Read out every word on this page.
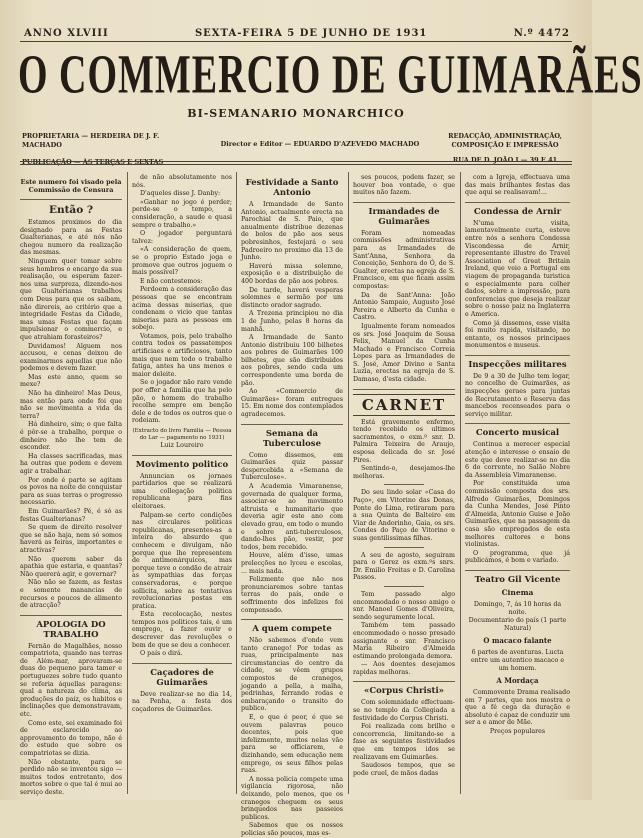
ANNO XLVIII	SEXTA-FEIRA 5 DE JUNHO DE 1931	N.º 4472
O COMMERCIO DE GUIMARÃES
BI-SEMANARIO MONARCHICO
PROPRIETARIA — HERDEIRA DE J. F. MACHADO
PUBLICAÇÃO — ÀS TERÇAS E SEXTAS
Director e Editor — EDUARDO D'AZEVEDO MACHADO
REDACÇÃO, ADMINISTRAÇÃO, COMPOSIÇÃO E IMPRESSÃO
RUA DE D. JOÃO I — 39 E 41
Este numero foi visado pela Commissão de Censura
Então ?

Estamos proximos do dia designado para as Festas Gualterianas, e até nós não chegou numero da realização das mesmas.

Ninguem quer tomar sobre seus hombros o encargo da sua realisação, ou esperam fazer-nos uma surpreza, dizendo-nos que Gualterianas trabalhos com Deus para que os saibam, não direreis, ao critério que a integridade Festas da Cidade, mas umas Festas que façam impulsionar o commercio, e que atrahiam forasteiros?

Duvidamos! Alguem nos accusou, e cenas deixou de examinarmos aquellas que não podemos e devem fazer.

Mas este anno, quem se mexe?

Não ha dinheiro! Mas Deus, mas então para onde foi que não se movimenta a vida da terra?

Há dinheiro, sim; o que falta é pôr-se a trabalho, porque o dinheiro não lhe tem de esconder.

Ha classes sacrificadas, mas ha outras que podem e devem agir a trabalhar.

Por onde é parte se agitam os povos na noite de conquistar para as suas terras o progresso necessario.

Em Guimarães? Pé, é só as festas Gualterianas?

Se quem de direito resolver que se não haja, nem só somos haverá as feiras, importantes e atractivas?

Não querem saber da apathia que estaria, e quantas? Não quererá agir, e governar?

Não não se fazem, as festas e somente manancias de recursos e poucos de alimento de atracção?

APOLOGIA DO TRABALHO

Fernão de Magalhães, nosso compatriota, quando nas terras de Além-mar, aprovaram-se duas do pequeno para tamer e portuguezes sobre tudo quanto se referia áquellas paragens: qual a natureza do clima, as produções do paiz, os habitos e inclinações que demonstravam, etc.

Como este, sei examinado foi de esclarecido ao approvamento do tempo, não é do estudo que sobre os compatriotas se dizia.

Não obstante, para se perdido não se inventou sigo — muitos todos entretanto, dos mortos sobre o que tal é mui ao serviço deste.

de não absolutamente nos nós.

D'aqueles disse J. Danby:

«Ganhar no jogo é perder; perde-se o tempo, a consideração, a saude e quasi sempre o trabalho.»

O jogador perguntará talvez:

«A consideração de quem, se o proprio Estado joga e promove que outros joguem o mais possivel?

E não contestemos:

Perdoem a consideração das pessoas que se encontram acima dessas miserias, que condenam o vicio que tantas miserias para as pessoas em sobejo.

Votamos, pois, pelo trabalho contra todos os passatempos artificiaes e artificiosos, tanto mais que nem todo o trabalho fatiga, antes ha uns menos e maior deleite.

Se o jogador não raro vende por offer a familia que ha pelo pão, o homem do trabalho recolhe sempre em benção dele e de todos os outros que o rodeiam.

(Extracto do livro Familia — Pessoa do Lar — pagamento no 1931)

Luiz Loureiro

Movimento politico

Annuncian os jornaes partidarios que se realizará uma collegação politica republicana para fins eleitoraes.

Palpam-se certo condições nas circulares politicas republicanas, presentes-as a inteira do absurdo que conhecem e divulgam, não porque que lhe representem de antimonárquicos, mas porque teve o condão de atrair as sympathias das forças conservadoras, e porque sollicita, sobre as tentativas revolucionarias postas em pratica.

Esta recolocação, nestes tempos nos politicos tais, é um emprego, a fazer ouvir e descrever das revoluções o bem de que se deu a conhecer.

O país o dirá.

Caçadores de Guimarães

Deve realizar-se no dia 14, na Penha, a festa dos caçadores de Guimarães.

Festividade a Santo Antonio

A Irmandade de Santo Antonio, actualmente erecta na Parochial de S. Paio, que anualmente distribue dezenas de bolos de pão aos seus pobresinhos, festejará o seu Padroeiro no proximo dia 13 de Junho.

Haverá missa solemne, exposição e a distribuição de 400 bordas de pão aos pobres.

De tarde, haverá vesperas solemnes e sermão por um distincto orador sagrado.

A Trezena principiou no dia 1 de Junho, pelas 8 horas da manhã.

A Irmandade de Santo Antonio distribuiu 100 bilhetes aos pobres de Guimarães 100 bilhetes, que são distribuidos aos pobres, sendo cada um correspondente uma borda de pão.

Ao «Commercio de Guimarães» foram entregues 15. Em nome dos contemplados agradecemos.

Semana da Tuberculose

Como dissemos, em Guimarães quiz passar despercebida a «Semana de Tuberculose».

A Academia Vimaranense, governada de qualquer forma, associar-se ao movimento altruista e humanitario que deveria agir este ano com elevado grau, em todo o mundo e sobre anti-tuberculosos, dando-lhes pão, vestir, por todos, bem recebido.

Houve, além d'isso, umas prelecções no lyceu e escolas, ... mais nada.

Felizmente que não nos pronunciaremos sobre tantas terras do país, onde o soffrimento dos infelizes foi compensado.

A quem compete

Não sabemos d'onde vem tanto cranego! Por todas as ruas, principalmente nas circumstancias do centro da cidade, se vêem grupos compostos de cranegos, jogando a pella, a malha, pedrinhas, ferrando rodas e embaraçando o transito do publico.

E, o que é peor, é que se ouvem palavras pouco decentes, pois que infelizmente, muitos nelas vão para se officiarem, e dizinhando, sem educação nem emprego, os seus filhos pelas ruas.

A nossa policia compete uma vigilancia rigorosa, não deixando, pelo menos, que os cranegos cheguem os seus brinquedos nas passeios publicos.

Sabemos que os nossos policias são poucos, mas es-

ses poucos, podem fazer, se houver boa vontade, o que muitos não fazem.

Irmandades de Guimarães

Foram nomeadas commissões administrativas para as Irmandades de Sant'Anna, Senhora da Conceição, Senhora do Ó, de S. Gualter, erectas na egreja de S. Francisco, em que ficam assim compostas:

Da de Sant'Anna: João Antonio Sampaio, Augusto José Pereira e Alberto da Cunha e Castro.

Igualmente foram nomeados os srs. José Joaquim de Sousa Felix, Manuel da Cunha Machado e Francisco Correia Lopes para as Irmandades de S. José, Amor Divino e Santa Luzia, erectas na egreja de S. Damaso, d'esta cidade.

CARNET

Está gravemente enfermo, tendo recebido os ultimos sacramentos, o exm.º snr. D. Palmira Teixeira de Araujo, esposa delicada do sr. José Pires.

Sentindo-o, desejamos-lhe melhoras.

Do seu lindo solar «Casa do Paço», em Vitorino das Donas, Ponte do Lima, retiraram para a sua Quinta de Balteiro em Viar de Andorinho, Gaia, os srs. Condes do Paço de Vitorino e suas gentilissimas filhas.

A seu de agosto, seguiram para o Gerez os exm.ºs snrs. Dr. Emilio Freitas e D. Carolina Passos.

Tem passado algo encommodado o nosso amigo o snr. Manoel Gomes d'Oliveira, sendo seguramente local.

Também tem passado encommodado o nosso presado assignante o snr. Francisco Maria Ribeiro d'Almeida estimando prolongada demora.

— Aos doentes desejamos rapidas melhoras.

«Corpus Christi»

Com solemnidade effectuam-se no templo da Collegiada a festividade do Corpus Christi.

Foi realizada com brilho e concorrencia, limitando-se a fase as seguintes festividades que em tempos idos se realizavam em Guimarães.

Saudosos tempos, que se pode cruel, de mãos dadas

com a Igreja, effectuava uma das mais brilhantes festas das que aqui se realisavam!...

Condessa de Arnir

N'uma visita, lamentavelmente curta, esteve entre nós a senhora Condessa Viscondessa de Arnir, representante illustre do Travel Association of Great Britain Ireland, que veio a Portugal em viagem de propaganda turistica e especialmente para colher dados, sobre a impressão, para conferencias que deseja realizar sobre o nosso paiz na Inglaterra e America.

Como já dissemos, esse visita foi muito rapida, visitando, no entanto, os nossos principaes monumentos e museus.

Inspecções militares

De 9 a 30 de Julho tem logar, no concelho de Guimarães, as inspecções geraes para juntas de Recrutamento e Reserva das mancebos recenseados para o serviço militar.

Concerto musical

Continua a merecer especial atenção e interesse o ensaio de este que deve realizar-se no dia 6 do corrente, no Salão Nobre da Assembleia Vimaranense.

Por constituida uma commissão composta dos srs. Alfredo Guimarães, Domingos da Cunha Mendes, José Pinto d'Almeida, Antonio Guise e João Guimarães, que na passagem da casa são empregados de esta melhores cultores e bons violinistas.

O programma, que já publicámos, é bom e variado.

Teatro Gil Vicente
Cinema

Domingo, 7, ás 10 horas da noite.

Documentario do país (1 parte Natural)

O macaco falante

6 partes de aventuras. Lucta entre um autentico macaco e um homem.

A Mordaça

Commovente Drama realisado em 7 partes, que nos mostra o que a fé cega da duração e absoluto é capaz de conduzir um ser a e amor de Mãe.

Preços populares
